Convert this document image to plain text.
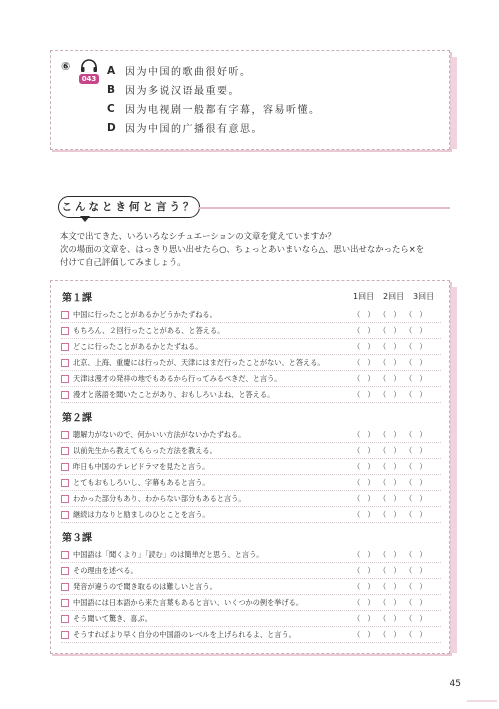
⑥
043
A 因为中国的歌曲很好听。
B 因为多说汉语最重要。
C	因为电视剧一般都有字幕，容易听懂。
D 因为中国的广播很有意思。
こんなとき何と言う？
本文で出てきた、いろいろなシチュエーションの文章を覚えていますか？
次の場面の文章を、はっきり思い出せたら○、ちょっとあいまいなら△、思い出せなかったら×を
付けて自己評価してみましょう。
1回目 2回目 3回目
第１課
中国に行ったことがあるかどうかたずねる。	（　） （　） （　）
もちろん、２回行ったことがある、と答える。	（　） （　） （　）
どこに行ったことがあるかとたずねる。	（　） （　） （　）
北京、上海、重慶には行ったが、天津にはまだ行ったことがない、と答える。	（　） （　） （　）
天津は漫才の発祥の地でもあるから行ってみるべきだ、と言う。	（　） （　） （　）
漫才と落語を聞いたことがあり、おもしろいよね、と答える。	（　） （　） （　）
第２課
聴解力がないので、何かいい方法がないかたずねる。	（　） （　） （　）
以前先生から教えてもらった方法を教える。	（　） （　） （　）
昨日も中国のテレビドラマを見たと言う。	（　） （　） （　）
とてもおもしろいし、字幕もあると言う。	（　） （　） （　）
わかった部分もあり、わからない部分もあると言う。	（　） （　） （　）
継続は力なりと励ましのひとことを言う。	（　） （　） （　）
第３課
中国語は「聞くより」「読む」のは簡単だと思う、と言う。	（　） （　） （　）
その理由を述べる。	（　） （　） （　）
発音が違うので聞き取るのは難しいと言う。	（　） （　） （　）
中国語には日本語から来た言葉もあると言い、いくつかの例を挙げる。	（　） （　） （　）
そう聞いて驚き、喜ぶ。	（　） （　） （　）
そうすればより早く自分の中国語のレベルを上げられるよ、と言う。	（　） （　） （　）
45
